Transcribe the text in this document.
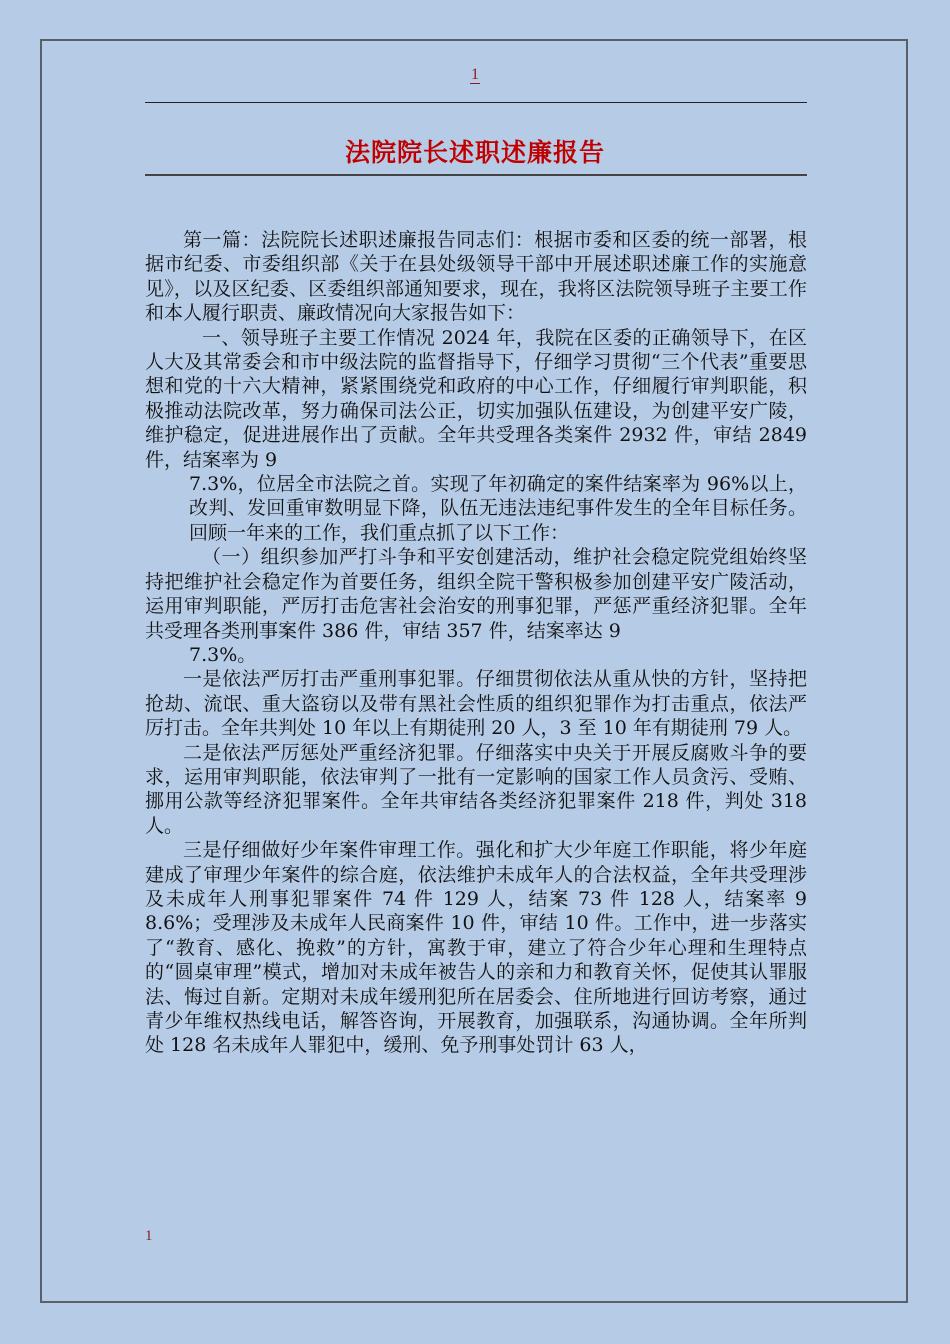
1
法院院长述职述廉报告

第一篇：法院院长述职述廉报告同志们：根据市委和区委的统一部署，根据市纪委、市委组织部《关于在县处级领导干部中开展述职述廉工作的实施意见》，以及区纪委、区委组织部通知要求，现在，我将区法院领导班子主要工作和本人履行职责、廉政情况向大家报告如下：

一、领导班子主要工作情况 2024 年，我院在区委的正确领导下，在区人大及其常委会和市中级法院的监督指导下，仔细学习贯彻“三个代表”重要思想和党的十六大精神，紧紧围绕党和政府的中心工作，仔细履行审判职能，积极推动法院改革，努力确保司法公正，切实加强队伍建设，为创建平安广陵，维护稳定，促进进展作出了贡献。全年共受理各类案件 2932 件，审结 2849 件，结案率为 9

7.3%，位居全市法院之首。实现了年初确定的案件结案率为 96%以上，改判、发回重审数明显下降，队伍无违法违纪事件发生的全年目标任务。回顾一年来的工作，我们重点抓了以下工作：

（一）组织参加严打斗争和平安创建活动，维护社会稳定院党组始终坚持把维护社会稳定作为首要任务，组织全院干警积极参加创建平安广陵活动，运用审判职能，严厉打击危害社会治安的刑事犯罪，严惩严重经济犯罪。全年共受理各类刑事案件 386 件，审结 357 件，结案率达 9

7.3%。

一是依法严厉打击严重刑事犯罪。仔细贯彻依法从重从快的方针，坚持把抢劫、流氓、重大盗窃以及带有黑社会性质的组织犯罪作为打击重点，依法严厉打击。全年共判处 10 年以上有期徒刑 20 人，3 至 10 年有期徒刑 79 人。

二是依法严厉惩处严重经济犯罪。仔细落实中央关于开展反腐败斗争的要求，运用审判职能，依法审判了一批有一定影响的国家工作人员贪污、受贿、挪用公款等经济犯罪案件。全年共审结各类经济犯罪案件 218 件，判处 318 人。

三是仔细做好少年案件审理工作。强化和扩大少年庭工作职能，将少年庭建成了审理少年案件的综合庭，依法维护未成年人的合法权益，全年共受理涉及未成年人刑事犯罪案件 74 件 129 人，结案 73 件 128 人，结案率 9 8.6%；受理涉及未成年人民商案件 10 件，审结 10 件。工作中，进一步落实了“教育、感化、挽救”的方针，寓教于审，建立了符合少年心理和生理特点的“圆桌审理”模式，增加对未成年被告人的亲和力和教育关怀，促使其认罪服法、悔过自新。定期对未成年缓刑犯所在居委会、住所地进行回访考察，通过青少年维权热线电话，解答咨询，开展教育，加强联系，沟通协调。全年所判处 128 名未成年人罪犯中，缓刑、免予刑事处罚计 63 人，

1
